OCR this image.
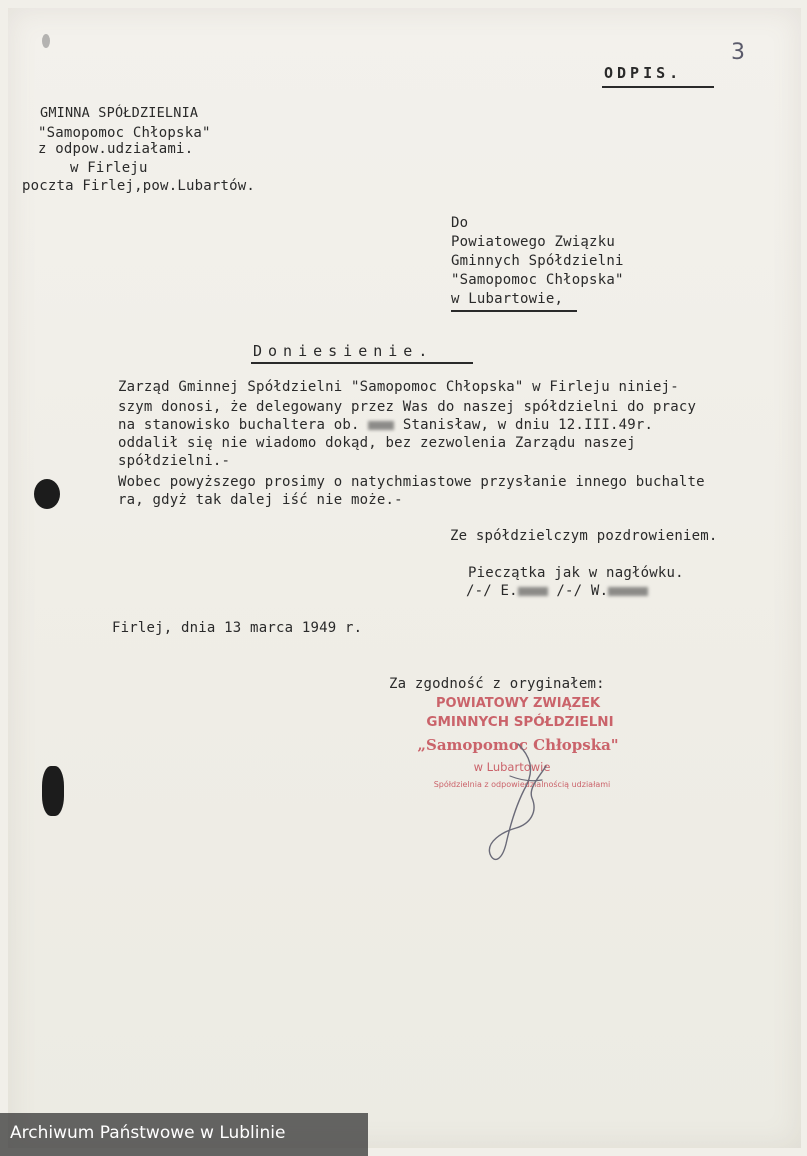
3
ODPIS.
GMINNA SPÓŁDZIELNIA
"Samopomoc Chłopska"
z odpow.udziałami.
w Firleju
poczta Firlej,pow.Lubartów.
Do
Powiatowego Związku
Gminnych Spółdzielni
"Samopomoc Chłopska"
w Lubartowie,
Doniesienie.
Zarząd Gminnej Spółdzielni "Samopomoc Chłopska" w Firleju niniej-
szym donosi, że delegowany przez Was do naszej spółdzielni do pracy
na stanowisko buchaltera ob.  Stanisław, w dniu 12.III.49r.
oddalił się nie wiadomo dokąd, bez zezwolenia Zarządu naszej
spółdzielni.-
Wobec powyższego prosimy o natychmiastowe przysłanie innego buchalte
ra, gdyż tak dalej iść nie może.-
Ze spółdzielczym pozdrowieniem.
Pieczątka jak w nagłówku.
/-/ E.	/-/ W.
Firlej, dnia 13 marca 1949 r.
Za zgodność z oryginałem:
POWIATOWY ZWIĄZEK
GMINNYCH SPÓŁDZIELNI
„Samopomoc Chłopska"
w Lubartowie
Spółdzielnia z odpowiedzialnością udziałami
Archiwum Państwowe w Lublinie
